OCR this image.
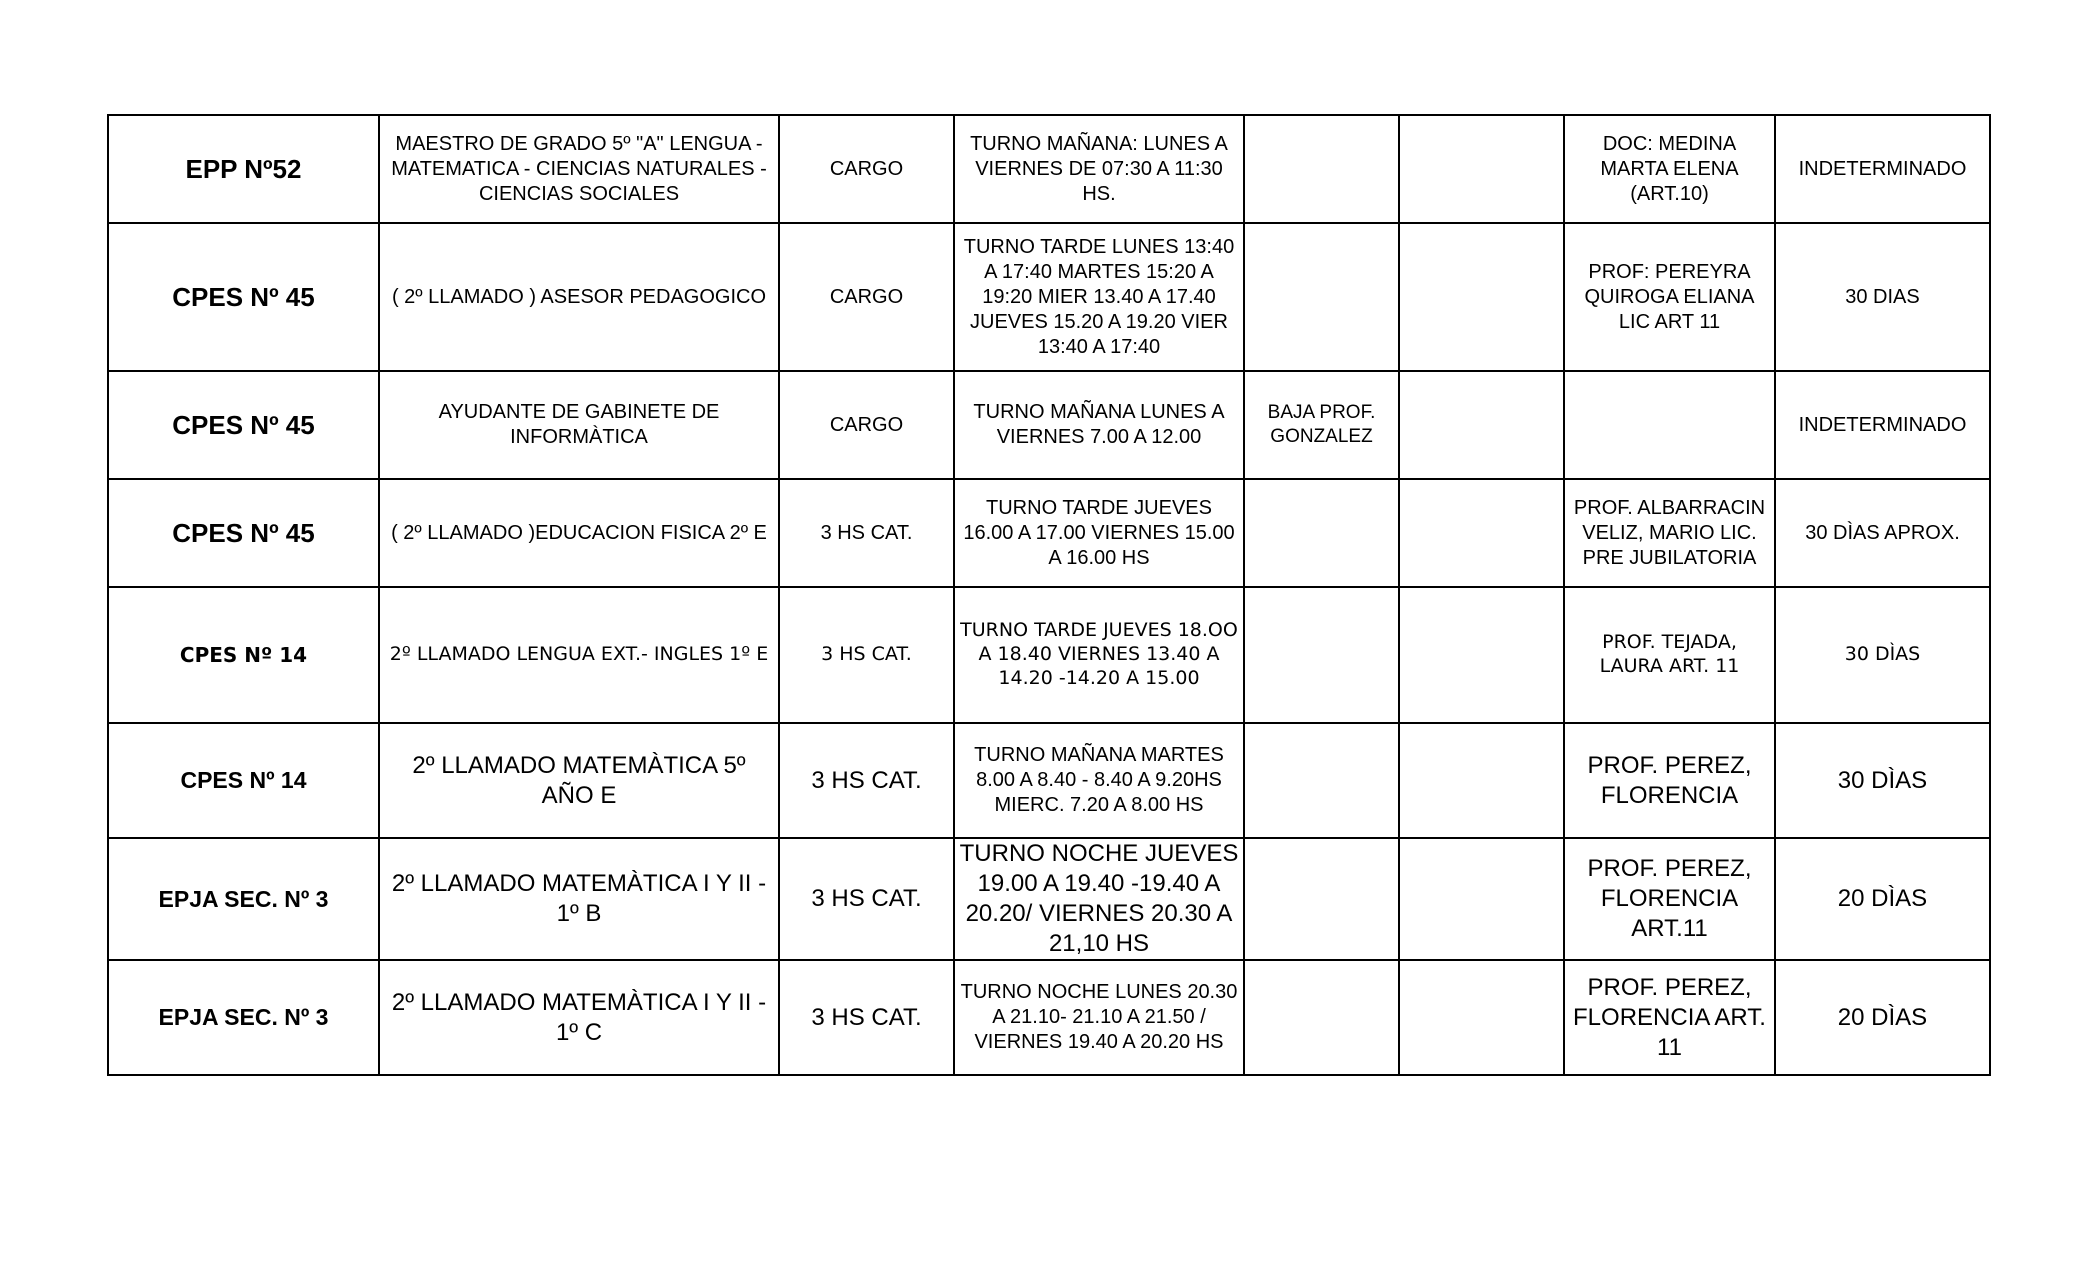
EPP Nº52	MAESTRO DE GRADO 5º "A" LENGUA - MATEMATICA - CIENCIAS NATURALES - CIENCIAS SOCIALES	CARGO	TURNO MAÑANA: LUNES A VIERNES DE 07:30 A 11:30 HS.			DOC: MEDINA MARTA ELENA (ART.10)	INDETERMINADO
CPES Nº 45	( 2º LLAMADO ) ASESOR PEDAGOGICO	CARGO	TURNO TARDE LUNES 13:40 A 17:40 MARTES 15:20 A 19:20 MIER 13.40 A 17.40 JUEVES 15.20 A 19.20 VIER 13:40 A 17:40			PROF: PEREYRA QUIROGA ELIANA LIC ART 11	30 DIAS
CPES Nº 45	AYUDANTE DE GABINETE DE INFORMÀTICA	CARGO	TURNO MAÑANA LUNES A VIERNES 7.00 A 12.00	BAJA PROF. GONZALEZ			INDETERMINADO
CPES Nº 45	( 2º LLAMADO )EDUCACION FISICA 2º E	3 HS CAT.	TURNO TARDE JUEVES 16.00 A 17.00 VIERNES 15.00 A 16.00 HS			PROF. ALBARRACIN VELIZ, MARIO LIC. PRE JUBILATORIA	30 DÌAS APROX.
CPES Nº 14	2º LLAMADO LENGUA EXT.- INGLES 1º E	3 HS CAT.	TURNO TARDE JUEVES 18.OO A 18.40 VIERNES 13.40 A 14.20 -14.20 A 15.00			PROF. TEJADA, LAURA ART. 11	30 DÌAS
CPES Nº 14	2º LLAMADO MATEMÀTICA 5º AÑO E	3 HS CAT.	TURNO MAÑANA MARTES 8.00 A 8.40 - 8.40 A 9.20HS MIERC. 7.20 A 8.00 HS			PROF. PEREZ, FLORENCIA	30 DÌAS
EPJA SEC. Nº 3	2º LLAMADO MATEMÀTICA I Y II - 1º B	3 HS CAT.	TURNO NOCHE JUEVES 19.00 A 19.40 -19.40 A 20.20/ VIERNES 20.30 A 21,10 HS			PROF. PEREZ, FLORENCIA ART.11	20 DÌAS
EPJA SEC. Nº 3	2º LLAMADO MATEMÀTICA I Y II - 1º C	3 HS CAT.	TURNO NOCHE LUNES 20.30 A 21.10- 21.10 A 21.50 / VIERNES 19.40 A 20.20 HS			PROF. PEREZ, FLORENCIA ART. 11	20 DÌAS
